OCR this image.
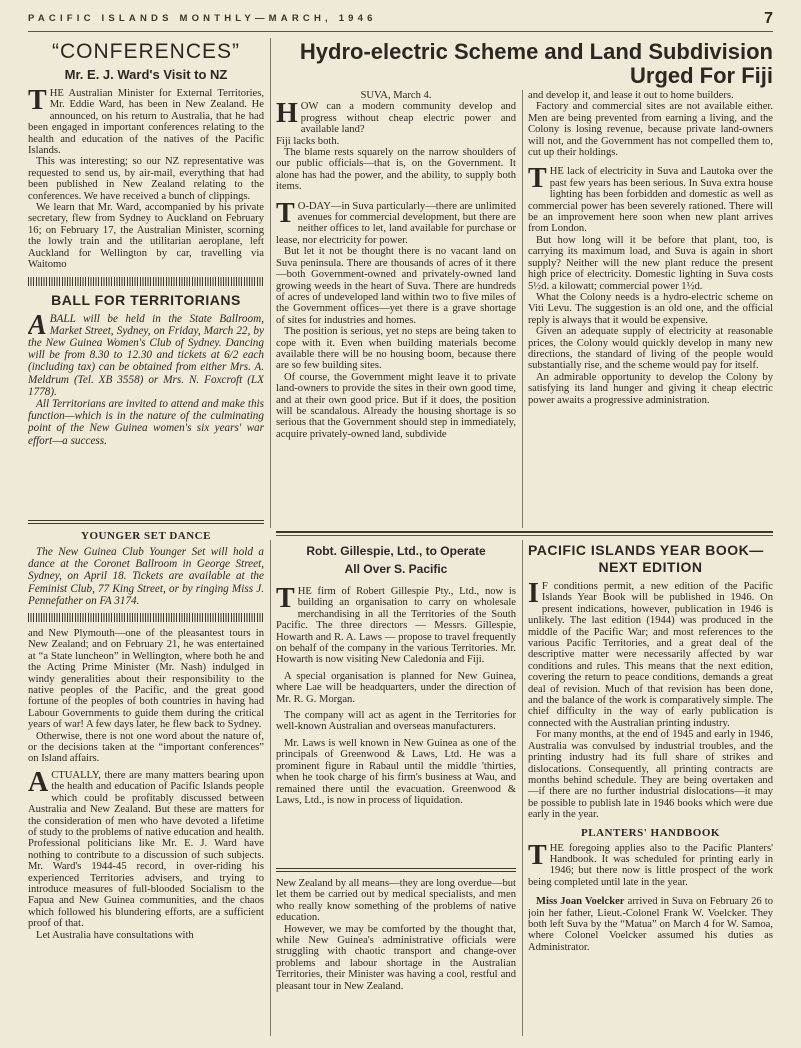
PACIFIC ISLANDS MONTHLY—MARCH, 1946	7

“CONFERENCES”

Mr. E. J. Ward's Visit to NZ

THE Australian Minister for External Territories, Mr. Eddie Ward, has been in New Zealand. He announced, on his return to Australia, that he had been engaged in important conferences relating to the health and education of the natives of the Pacific Islands.

This was interesting; so our NZ representative was requested to send us, by air-mail, everything that had been published in New Zealand relating to the conferences. We have received a bunch of clippings.

We learn that Mr. Ward, accompanied by his private secretary, flew from Sydney to Auckland on February 16; on February 17, the Australian Minister, scorning the lowly train and the utilitarian aeroplane, left Auckland for Wellington by car, travelling via Waitomo

BALL FOR TERRITORIANS

ABALL will be held in the State Ballroom, Market Street, Sydney, on Friday, March 22, by the New Guinea Women's Club of Sydney. Dancing will be from 8.30 to 12.30 and tickets at 6/2 each (including tax) can be obtained from either Mrs. A. Meldrum (Tel. XB 3558) or Mrs. N. Foxcroft (LX 1778).

All Territorians are invited to attend and make this function—which is in the nature of the culminating point of the New Guinea women's six years' war effort—a success.

YOUNGER SET DANCE

The New Guinea Club Younger Set will hold a dance at the Coronet Ballroom in George Street, Sydney, on April 18. Tickets are available at the Feminist Club, 77 King Street, or by ringing Miss J. Pennefather on FA 3174.

and New Plymouth—one of the pleasantest tours in New Zealand; and on February 21, he was entertained at “a State luncheon” in Wellington, where both he and the Acting Prime Minister (Mr. Nash) indulged in windy generalities about their responsibility to the native peoples of the Pacific, and the great good fortune of the peoples of both countries in having had Labour Governments to guide them during the critical years of war! A few days later, he flew back to Sydney.

Otherwise, there is not one word about the nature of, or the decisions taken at the “important conferences” on Island affairs.

ACTUALLY, there are many matters bearing upon the health and education of Pacific Islands people which could be profitably discussed between Australia and New Zealand. But these are matters for the consideration of men who have devoted a lifetime of study to the problems of native education and health. Professional politicians like Mr. E. J. Ward have nothing to contribute to a discussion of such subjects. Mr. Ward's 1944-45 record, in over-riding his experienced Territories advisers, and trying to introduce measures of full-blooded Socialism to the Fapua and New Guinea communities, and the chaos which followed his blundering efforts, are a sufficient proof of that.

Let Australia have consultations with

Hydro-electric Scheme and Land Subdivision Urged For Fiji

SUVA, March 4.

HOW can a modern community develop and progress without cheap electric power and available land?

Fiji lacks both.

The blame rests squarely on the narrow shoulders of our public officials—that is, on the Government. It alone has had the power, and the ability, to supply both items.

T O-DAY—in Suva particularly—there are unlimited avenues for commercial development, but there are neither offices to let, land available for purchase or lease, nor electricity for power.

But let it not be thought there is no vacant land on Suva peninsula. There are thousands of acres of it there—both Government-owned and privately-owned land growing weeds in the heart of Suva. There are hundreds of acres of undeveloped land within two to five miles of the Government offices—yet there is a grave shortage of sites for industries and homes.

The position is serious, yet no steps are being taken to cope with it. Even when building materials become available there will be no housing boom, because there are so few building sites.

Of course, the Government might leave it to private land-owners to provide the sites in their own good time, and at their own good price. But if it does, the position will be scandalous. Already the housing shortage is so serious that the Government should step in immediately, acquire privately-owned land, subdivide

and develop it, and lease it out to home builders.

Factory and commercial sites are not available either. Men are being prevented from earning a living, and the Colony is losing revenue, because private land-owners will not, and the Government has not compelled them to, cut up their holdings.

THE lack of electricity in Suva and Lautoka over the past few years has been serious. In Suva extra house lighting has been forbidden and domestic as well as commercial power has been severely rationed. There will be an improvement here soon when new plant arrives from London.

But how long will it be before that plant, too, is carrying its maximum load, and Suva is again in short supply? Neither will the new plant reduce the present high price of electricity. Domestic lighting in Suva costs 5½d. a kilowatt; commercial power 1½d.

What the Colony needs is a hydro-electric scheme on Viti Levu. The suggestion is an old one, and the official reply is always that it would be expensive.

Given an adequate supply of electricity at reasonable prices, the Colony would quickly develop in many new directions, the standard of living of the people would substantially rise, and the scheme would pay for itself.

An admirable opportunity to develop the Colony by satisfying its land hunger and giving it cheap electric power awaits a progressive administration.

Robt. Gillespie, Ltd., to Operate

All Over S. Pacific

THE firm of Robert Gillespie Pty., Ltd., now is building an organisation to carry on wholesale merchandising in all the Territories of the South Pacific. The three directors — Messrs. Gillespie, Howarth and R. A. Laws — propose to travel frequently on behalf of the company in the various Territories. Mr. Howarth is now visiting New Caledonia and Fiji.

A special organisation is planned for New Guinea, where Lae will be headquarters, under the direction of Mr. R. G. Morgan.

The company will act as agent in the Territories for well-known Australian and overseas manufacturers.

Mr. Laws is well known in New Guinea as one of the principals of Greenwood & Laws, Ltd. He was a prominent figure in Rabaul until the middle 'thirties, when he took charge of his firm's business at Wau, and remained there until the evacuation. Greenwood & Laws, Ltd., is now in process of liquidation.

New Zealand by all means—they are long overdue—but let them be carried out by medical specialists, and men who really know something of the problems of native education.

However, we may be comforted by the thought that, while New Guinea's administrative officials were struggling with chaotic transport and change-over problems and labour shortage in the Australian Territories, their Minister was having a cool, restful and pleasant tour in New Zealand.

PACIFIC ISLANDS YEAR BOOK—

NEXT EDITION

I F conditions permit, a new edition of the Pacific Islands Year Book will be published in 1946. On present indications, however, publication in 1946 is unlikely. The last edition (1944) was produced in the middle of the Pacific War; and most references to the various Pacific Territories, and a great deal of the descriptive matter were necessarily affected by war conditions and rules. This means that the next edition, covering the return to peace conditions, demands a great deal of revision. Much of that revision has been done, and the balance of the work is comparatively simple. The chief difficulty in the way of early publication is connected with the Australian printing industry.

For many months, at the end of 1945 and early in 1946, Australia was convulsed by industrial troubles, and the printing industry had its full share of strikes and dislocations. Consequently, all printing contracts are months behind schedule. They are being overtaken and —if there are no further industrial dislocations—it may be possible to publish late in 1946 books which were due early in the year.

PLANTERS' HANDBOOK

THE foregoing applies also to the Pacific Planters' Handbook. It was scheduled for printing early in 1946; but there now is little prospect of the work being completed until late in the year.

Miss Joan Voelcker arrived in Suva on February 26 to join her father, Lieut.-Colonel Frank W. Voelcker. They both left Suva by the “Matua” on March 4 for W. Samoa, where Colonel Voelcker assumed his duties as Administrator.
